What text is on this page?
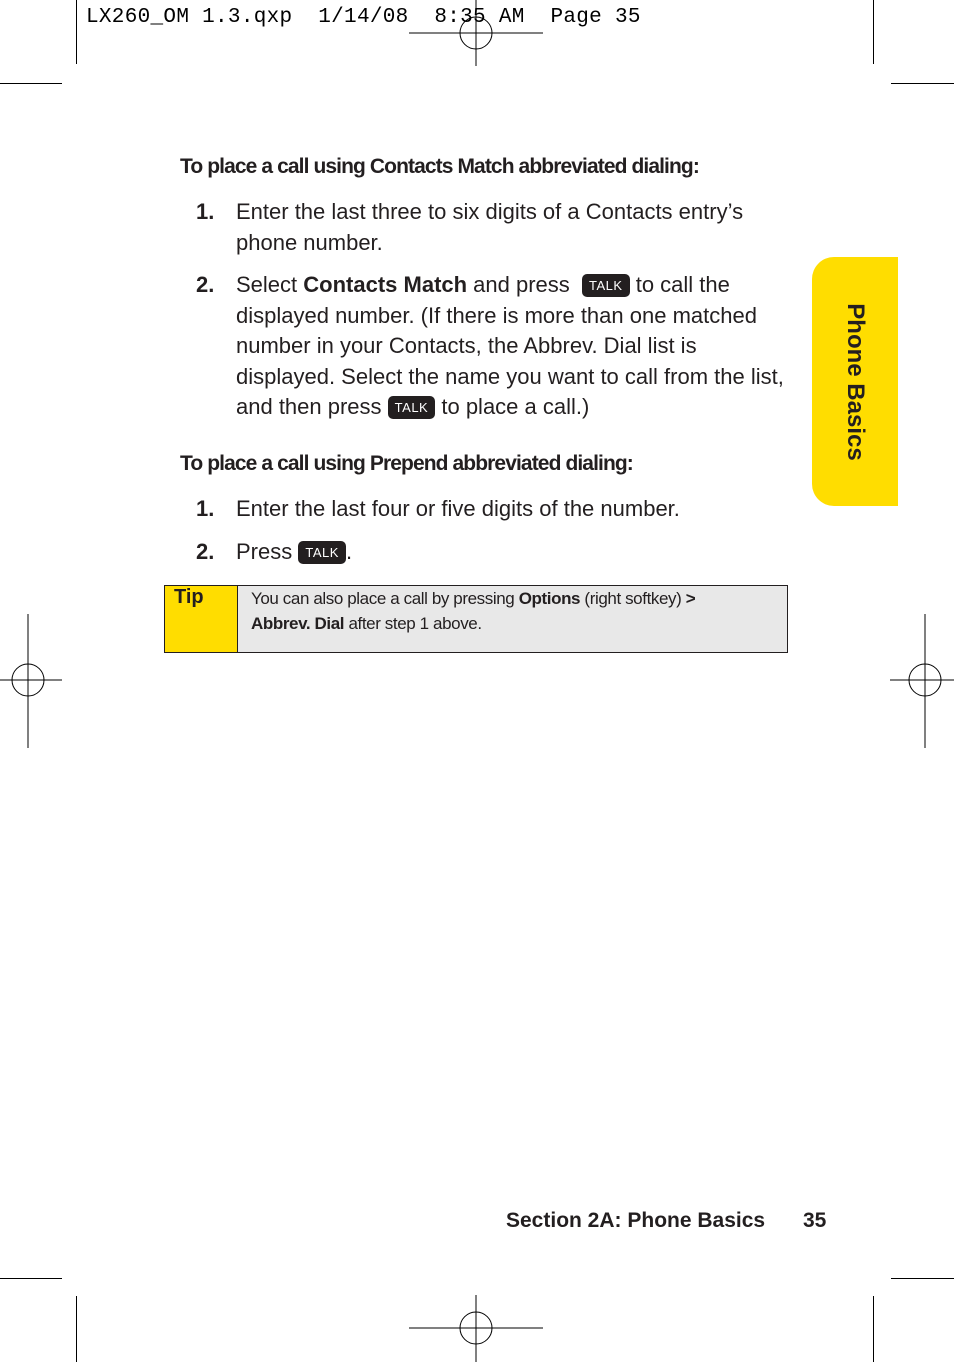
LX260_OM 1.3.qxp  1/14/08  8:35 AM  Page 35
To place a call using Contacts Match abbreviated dialing:
1. Enter the last three to six digits of a Contacts entry’s
phone number.
2. Select Contacts Match and press TALK to call the
displayed number. (If there is more than one matched
number in your Contacts, the Abbrev. Dial list is
displayed. Select the name you want to call from the list,
and then press TALK to place a call.)
To place a call using Prepend abbreviated dialing:
1. Enter the last four or five digits of the number.
2. Press TALK .
Tip	You can also place a call by pressing Options (right softkey) >
Abbrev. Dial after step 1 above.
Phone Basics
Section 2A: Phone Basics 35
